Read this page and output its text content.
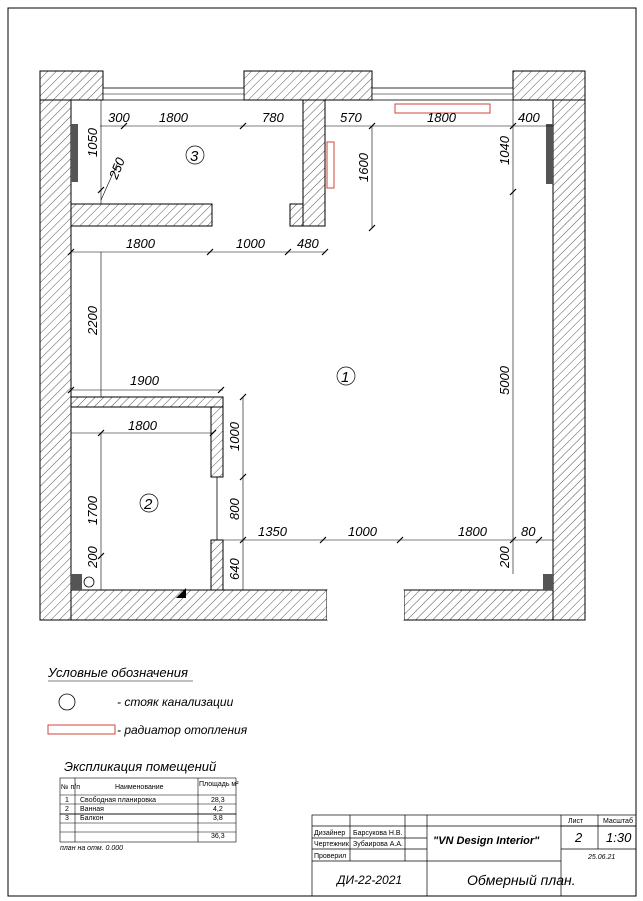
300 1800	780	570	1800	400
1050
250	1600
1040
1800	1000 480
2200
1900
1800	1000
800
640
1700
200
5000
1350	1000	1800	80
200
3
1
2
Условные обозначения
- стояк канализации
- радиатор отопления
Экспликация помещений
№ п/п	Наименование	Площадь м²
1 Свободная планировка	28,3
2 Ванная	4,2
3 Балкон	3,8
36,3
план на отм. 0.000
Дизайнер Барсукова Н.В.
Чертежник Зубаирова А.А.
Проверил
"VN Design Interior"
Лист	Масштаб
2 1:30
25.06.21
ДИ-22-2021	Обмерный план.
